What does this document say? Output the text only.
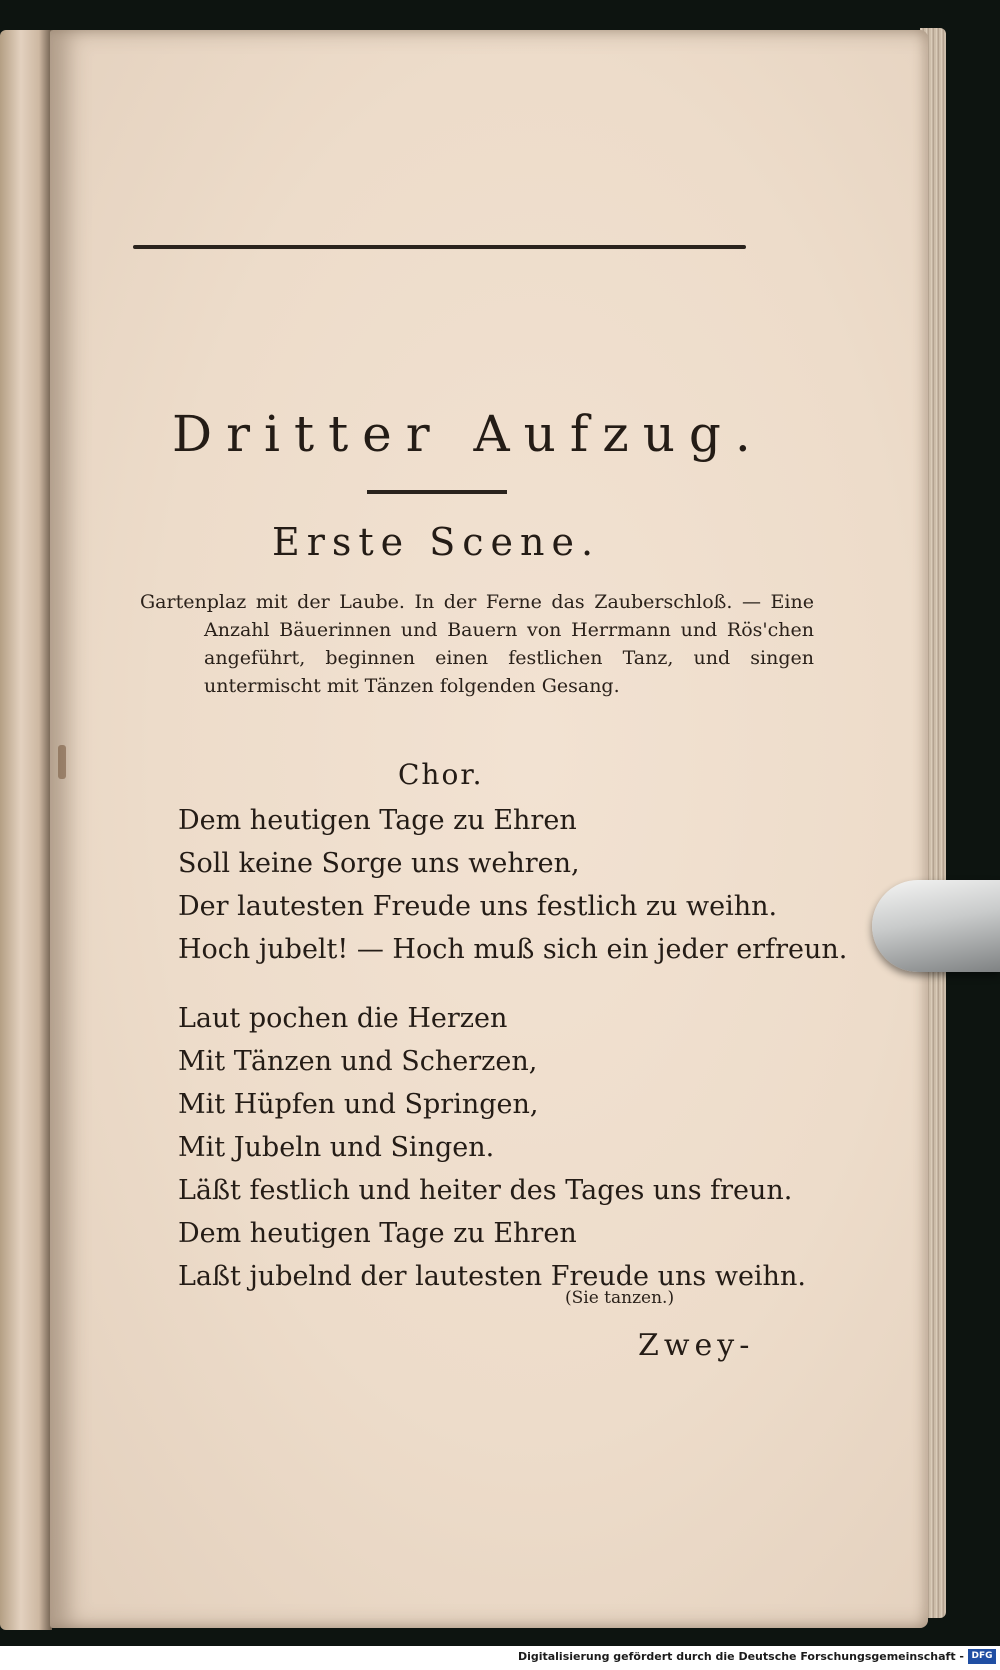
Dritter Aufzug.
Erste Scene.
Gartenplaz mit der Laube. In der Ferne das Zauberschloß. — Eine Anzahl Bäuerinnen und Bauern von Herrmann und Rös'chen angeführt, beginnen einen festlichen Tanz, und singen untermischt mit Tänzen folgenden Gesang.
Chor.

Dem heutigen Tage zu Ehren

Soll keine Sorge uns wehren,

Der lautesten Freude uns festlich zu weihn.

Hoch jubelt! — Hoch muß sich ein jeder erfreun.

Laut pochen die Herzen

Mit Tänzen und Scherzen,

Mit Hüpfen und Springen,

Mit Jubeln und Singen.

Läßt festlich und heiter des Tages uns freun.

Dem heutigen Tage zu Ehren

Laßt jubelnd der lautesten Freude uns weihn.

(Sie tanzen.)
Zwey-
Digitalisierung gefördert durch die Deutsche Forschungsgemeinschaft - DFG
